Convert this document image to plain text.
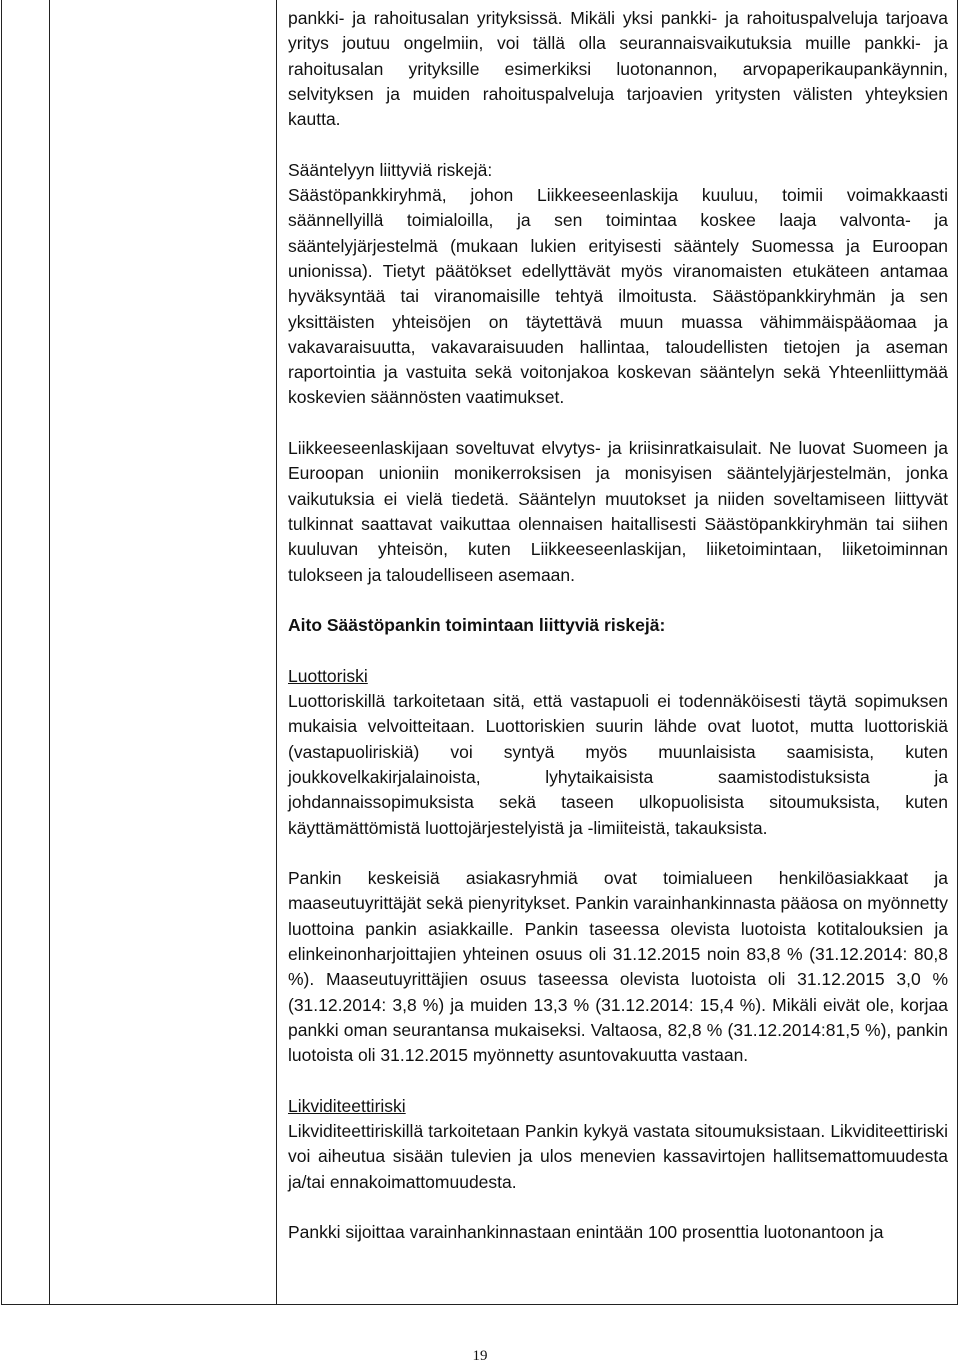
pankki- ja rahoitusalan yrityksissä. Mikäli yksi pankki- ja rahoituspalveluja tarjoava yritys joutuu ongelmiin, voi tällä olla seurannaisvaikutuksia muille pankki- ja rahoitusalan yrityksille esimerkiksi luotonannon, arvopaperikaupankäynnin, selvityksen ja muiden rahoituspalveluja tarjoavien yritysten välisten yhteyksien kautta.

Sääntelyyn liittyviä riskejä:

Säästöpankkiryhmä, johon Liikkeeseenlaskija kuuluu, toimii voimakkaasti säännellyillä toimialoilla, ja sen toimintaa koskee laaja valvonta- ja sääntelyjärjestelmä (mukaan lukien erityisesti sääntely Suomessa ja Euroopan unionissa). Tietyt päätökset edellyttävät myös viranomaisten etukäteen antamaa hyväksyntää tai viranomaisille tehtyä ilmoitusta. Säästöpankkiryhmän ja sen yksittäisten yhteisöjen on täytettävä muun muassa vähimmäispääomaa ja vakavaraisuutta, vakavaraisuuden hallintaa, taloudellisten tietojen ja aseman raportointia ja vastuita sekä voitonjakoa koskevan sääntelyn sekä Yhteenliittymää koskevien säännösten vaatimukset.

Liikkeeseenlaskijaan soveltuvat elvytys- ja kriisinratkaisulait. Ne luovat Suomeen ja Euroopan unioniin monikerroksisen ja monisyisen sääntelyjärjestelmän, jonka vaikutuksia ei vielä tiedetä. Sääntelyn muutokset ja niiden soveltamiseen liittyvät tulkinnat saattavat vaikuttaa olennaisen haitallisesti Säästöpankkiryhmän tai siihen kuuluvan yhteisön, kuten Liikkeeseenlaskijan, liiketoimintaan, liiketoiminnan tulokseen ja taloudelliseen asemaan.

Aito Säästöpankin toimintaan liittyviä riskejä:

Luottoriski

Luottoriskillä tarkoitetaan sitä, että vastapuoli ei todennäköisesti täytä sopimuksen mukaisia velvoitteitaan. Luottoriskien suurin lähde ovat luotot, mutta luottoriskiä (vastapuoliriskiä) voi syntyä myös muunlaisista saamisista, kuten joukkovelkakirjalainoista, lyhytaikaisista saamistodistuksista ja johdannaissopimuksista sekä taseen ulkopuolisista sitoumuksista, kuten käyttämättömistä luottojärjestelyistä ja -limiiteistä, takauksista.

Pankin keskeisiä asiakasryhmiä ovat toimialueen henkilöasiakkaat ja maaseutuyrittäjät sekä pienyritykset. Pankin varainhankinnasta pääosa on myönnetty luottoina pankin asiakkaille. Pankin taseessa olevista luotoista kotitalouksien ja elinkeinonharjoittajien yhteinen osuus oli 31.12.2015 noin 83,8 % (31.12.2014: 80,8 %). Maaseutuyrittäjien osuus taseessa olevista luotoista oli 31.12.2015 3,0 % (31.12.2014: 3,8 %) ja muiden 13,3 % (31.12.2014: 15,4 %). Mikäli eivät ole, korjaa pankki oman seurantansa mukaiseksi. Valtaosa, 82,8 % (31.12.2014:81,5 %), pankin luotoista oli 31.12.2015 myönnetty asuntovakuutta vastaan.

Likviditeettiriski

Likviditeettiriskillä tarkoitetaan Pankin kykyä vastata sitoumuksistaan. Likviditeettiriski voi aiheutua sisään tulevien ja ulos menevien kassavirtojen hallitsemattomuudesta ja/tai ennakoimattomuudesta.

Pankki sijoittaa varainhankinnastaan enintään 100 prosenttia luotonantoon ja

19
